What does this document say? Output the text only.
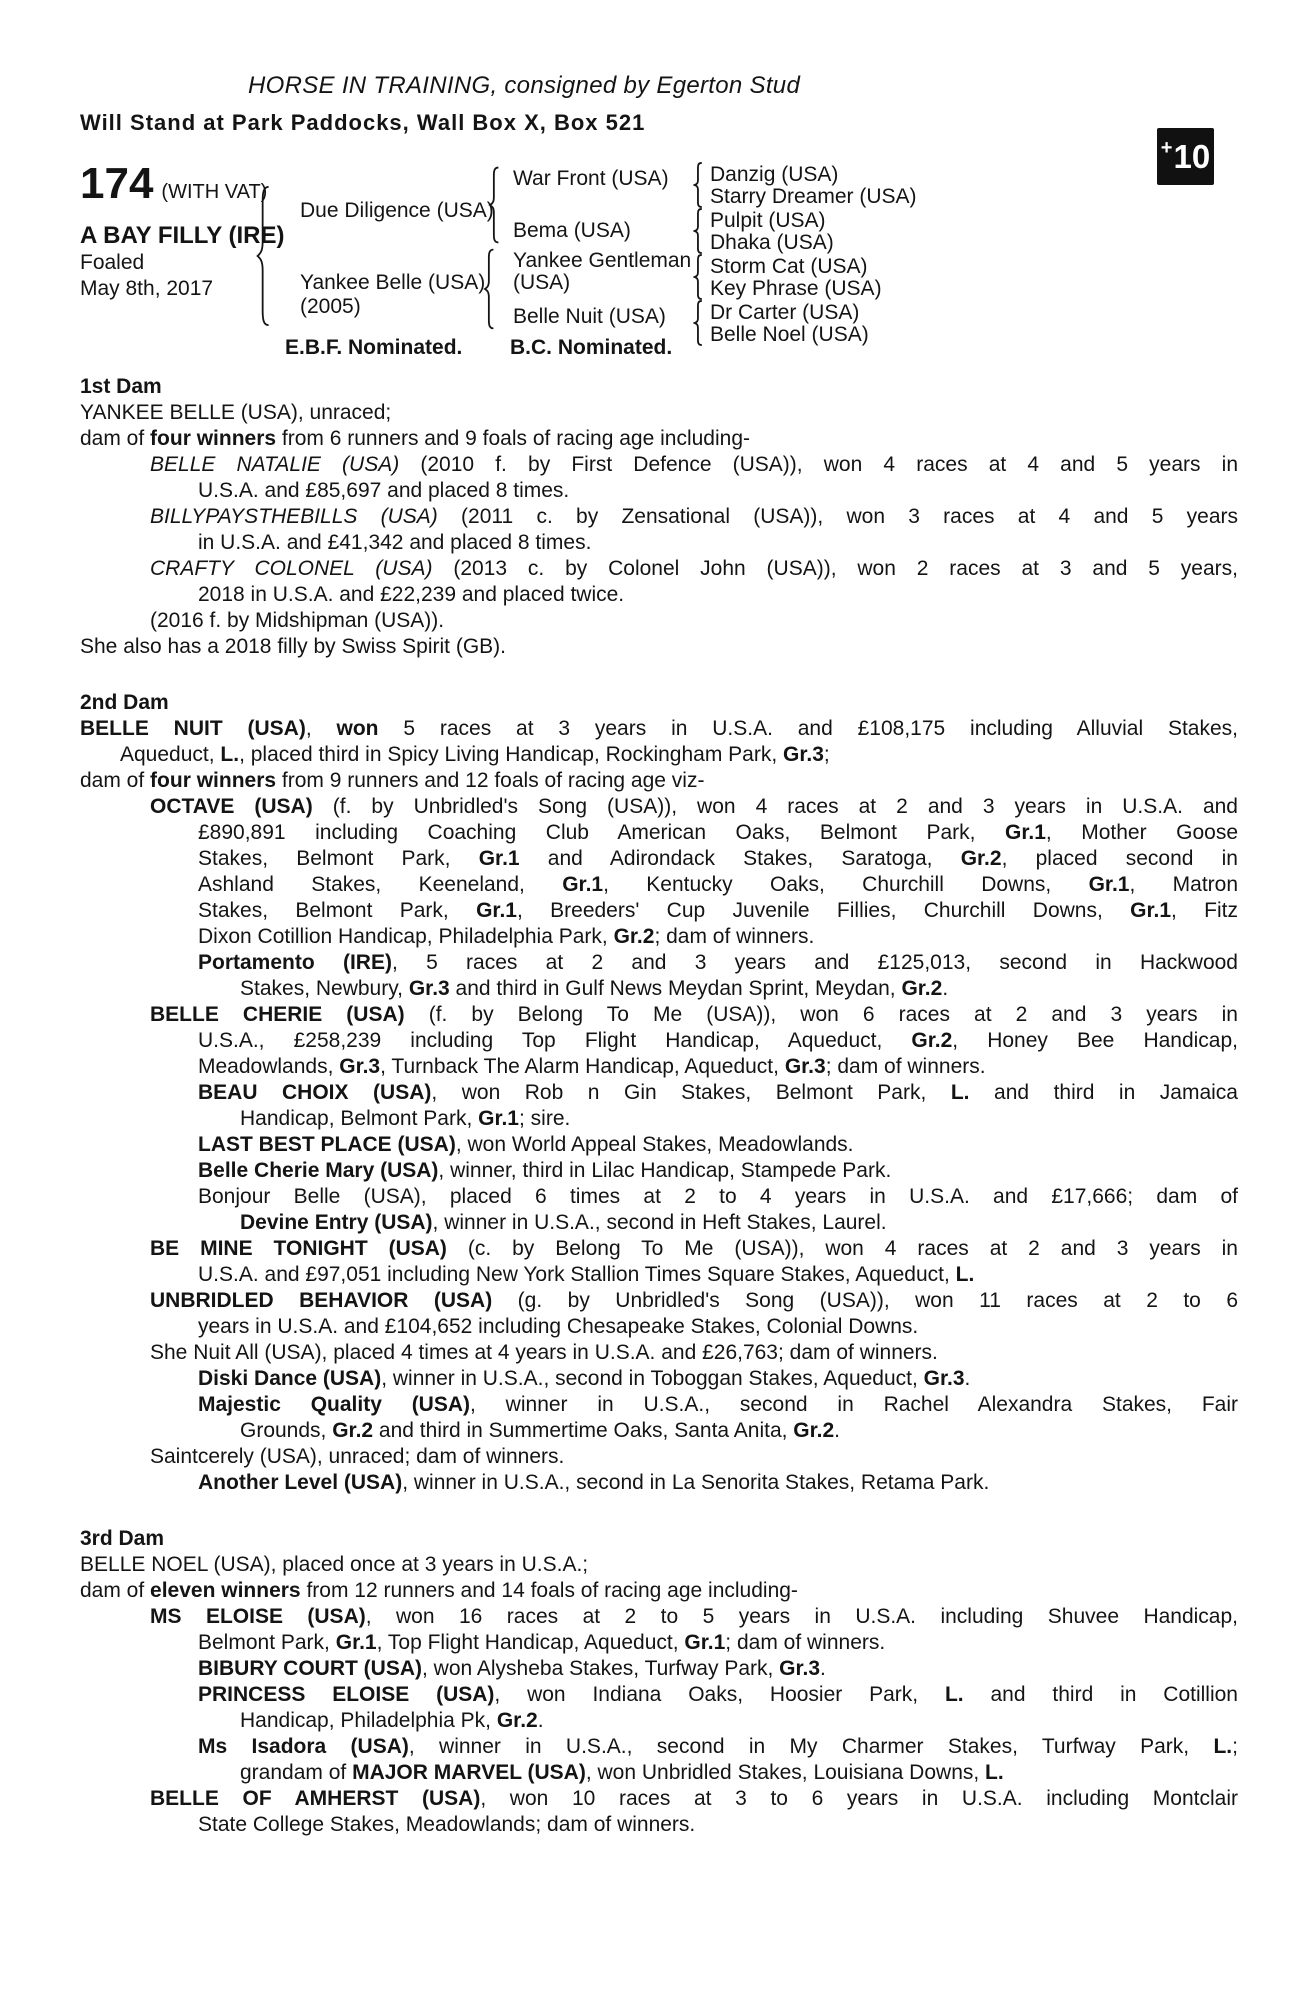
HORSE IN TRAINING, consigned by Egerton Stud
Will Stand at Park Paddocks, Wall Box X, Box 521
+ 10
174 (WITH VAT)
A BAY FILLY (IRE)
Foaled
May 8th, 2017
Due Diligence (USA)
Yankee Belle (USA)
(2005)
War Front (USA)
Bema (USA)
Yankee Gentleman
(USA)
Belle Nuit (USA)
Danzig (USA)
Starry Dreamer (USA)
Pulpit (USA)
Dhaka (USA)
Storm Cat (USA)
Key Phrase (USA)
Dr Carter (USA)
Belle Noel (USA)
E.B.F. Nominated. B.C. Nominated.
1st Dam
YANKEE BELLE (USA), unraced;
dam of four winners from 6 runners and 9 foals of racing age including-
BELLE NATALIE (USA) (2010 f. by First Defence (USA)), won 4 races at 4 and 5 years in
U.S.A. and £85,697 and placed 8 times.
BILLYPAYSTHEBILLS (USA) (2011 c. by Zensational (USA)), won 3 races at 4 and 5 years
in U.S.A. and £41,342 and placed 8 times.
CRAFTY COLONEL (USA) (2013 c. by Colonel John (USA)), won 2 races at 3 and 5 years,
2018 in U.S.A. and £22,239 and placed twice.
(2016 f. by Midshipman (USA)).
She also has a 2018 filly by Swiss Spirit (GB).
2nd Dam
BELLE NUIT (USA), won 5 races at 3 years in U.S.A. and £108,175 including Alluvial Stakes,
Aqueduct, L., placed third in Spicy Living Handicap, Rockingham Park, Gr.3;
dam of four winners from 9 runners and 12 foals of racing age viz-
OCTAVE (USA) (f. by Unbridled's Song (USA)), won 4 races at 2 and 3 years in U.S.A. and
£890,891 including Coaching Club American Oaks, Belmont Park, Gr.1, Mother Goose
Stakes, Belmont Park, Gr.1 and Adirondack Stakes, Saratoga, Gr.2, placed second in
Ashland Stakes, Keeneland, Gr.1, Kentucky Oaks, Churchill Downs, Gr.1, Matron
Stakes, Belmont Park, Gr.1, Breeders' Cup Juvenile Fillies, Churchill Downs, Gr.1, Fitz
Dixon Cotillion Handicap, Philadelphia Park, Gr.2; dam of winners.
Portamento (IRE), 5 races at 2 and 3 years and £125,013, second in Hackwood
Stakes, Newbury, Gr.3 and third in Gulf News Meydan Sprint, Meydan, Gr.2.
BELLE CHERIE (USA) (f. by Belong To Me (USA)), won 6 races at 2 and 3 years in
U.S.A., £258,239 including Top Flight Handicap, Aqueduct, Gr.2, Honey Bee Handicap,
Meadowlands, Gr.3, Turnback The Alarm Handicap, Aqueduct, Gr.3; dam of winners.
BEAU CHOIX (USA), won Rob n Gin Stakes, Belmont Park, L. and third in Jamaica
Handicap, Belmont Park, Gr.1; sire.
LAST BEST PLACE (USA), won World Appeal Stakes, Meadowlands.
Belle Cherie Mary (USA), winner, third in Lilac Handicap, Stampede Park.
Bonjour Belle (USA), placed 6 times at 2 to 4 years in U.S.A. and £17,666; dam of
Devine Entry (USA), winner in U.S.A., second in Heft Stakes, Laurel.
BE MINE TONIGHT (USA) (c. by Belong To Me (USA)), won 4 races at 2 and 3 years in
U.S.A. and £97,051 including New York Stallion Times Square Stakes, Aqueduct, L.
UNBRIDLED BEHAVIOR (USA) (g. by Unbridled's Song (USA)), won 11 races at 2 to 6
years in U.S.A. and £104,652 including Chesapeake Stakes, Colonial Downs.
She Nuit All (USA), placed 4 times at 4 years in U.S.A. and £26,763; dam of winners.
Diski Dance (USA), winner in U.S.A., second in Toboggan Stakes, Aqueduct, Gr.3.
Majestic Quality (USA), winner in U.S.A., second in Rachel Alexandra Stakes, Fair
Grounds, Gr.2 and third in Summertime Oaks, Santa Anita, Gr.2.
Saintcerely (USA), unraced; dam of winners.
Another Level (USA), winner in U.S.A., second in La Senorita Stakes, Retama Park.
3rd Dam
BELLE NOEL (USA), placed once at 3 years in U.S.A.;
dam of eleven winners from 12 runners and 14 foals of racing age including-
MS ELOISE (USA), won 16 races at 2 to 5 years in U.S.A. including Shuvee Handicap,
Belmont Park, Gr.1, Top Flight Handicap, Aqueduct, Gr.1; dam of winners.
BIBURY COURT (USA), won Alysheba Stakes, Turfway Park, Gr.3.
PRINCESS ELOISE (USA), won Indiana Oaks, Hoosier Park, L. and third in Cotillion
Handicap, Philadelphia Pk, Gr.2.
Ms Isadora (USA), winner in U.S.A., second in My Charmer Stakes, Turfway Park, L.;
grandam of MAJOR MARVEL (USA), won Unbridled Stakes, Louisiana Downs, L.
BELLE OF AMHERST (USA), won 10 races at 3 to 6 years in U.S.A. including Montclair
State College Stakes, Meadowlands; dam of winners.
